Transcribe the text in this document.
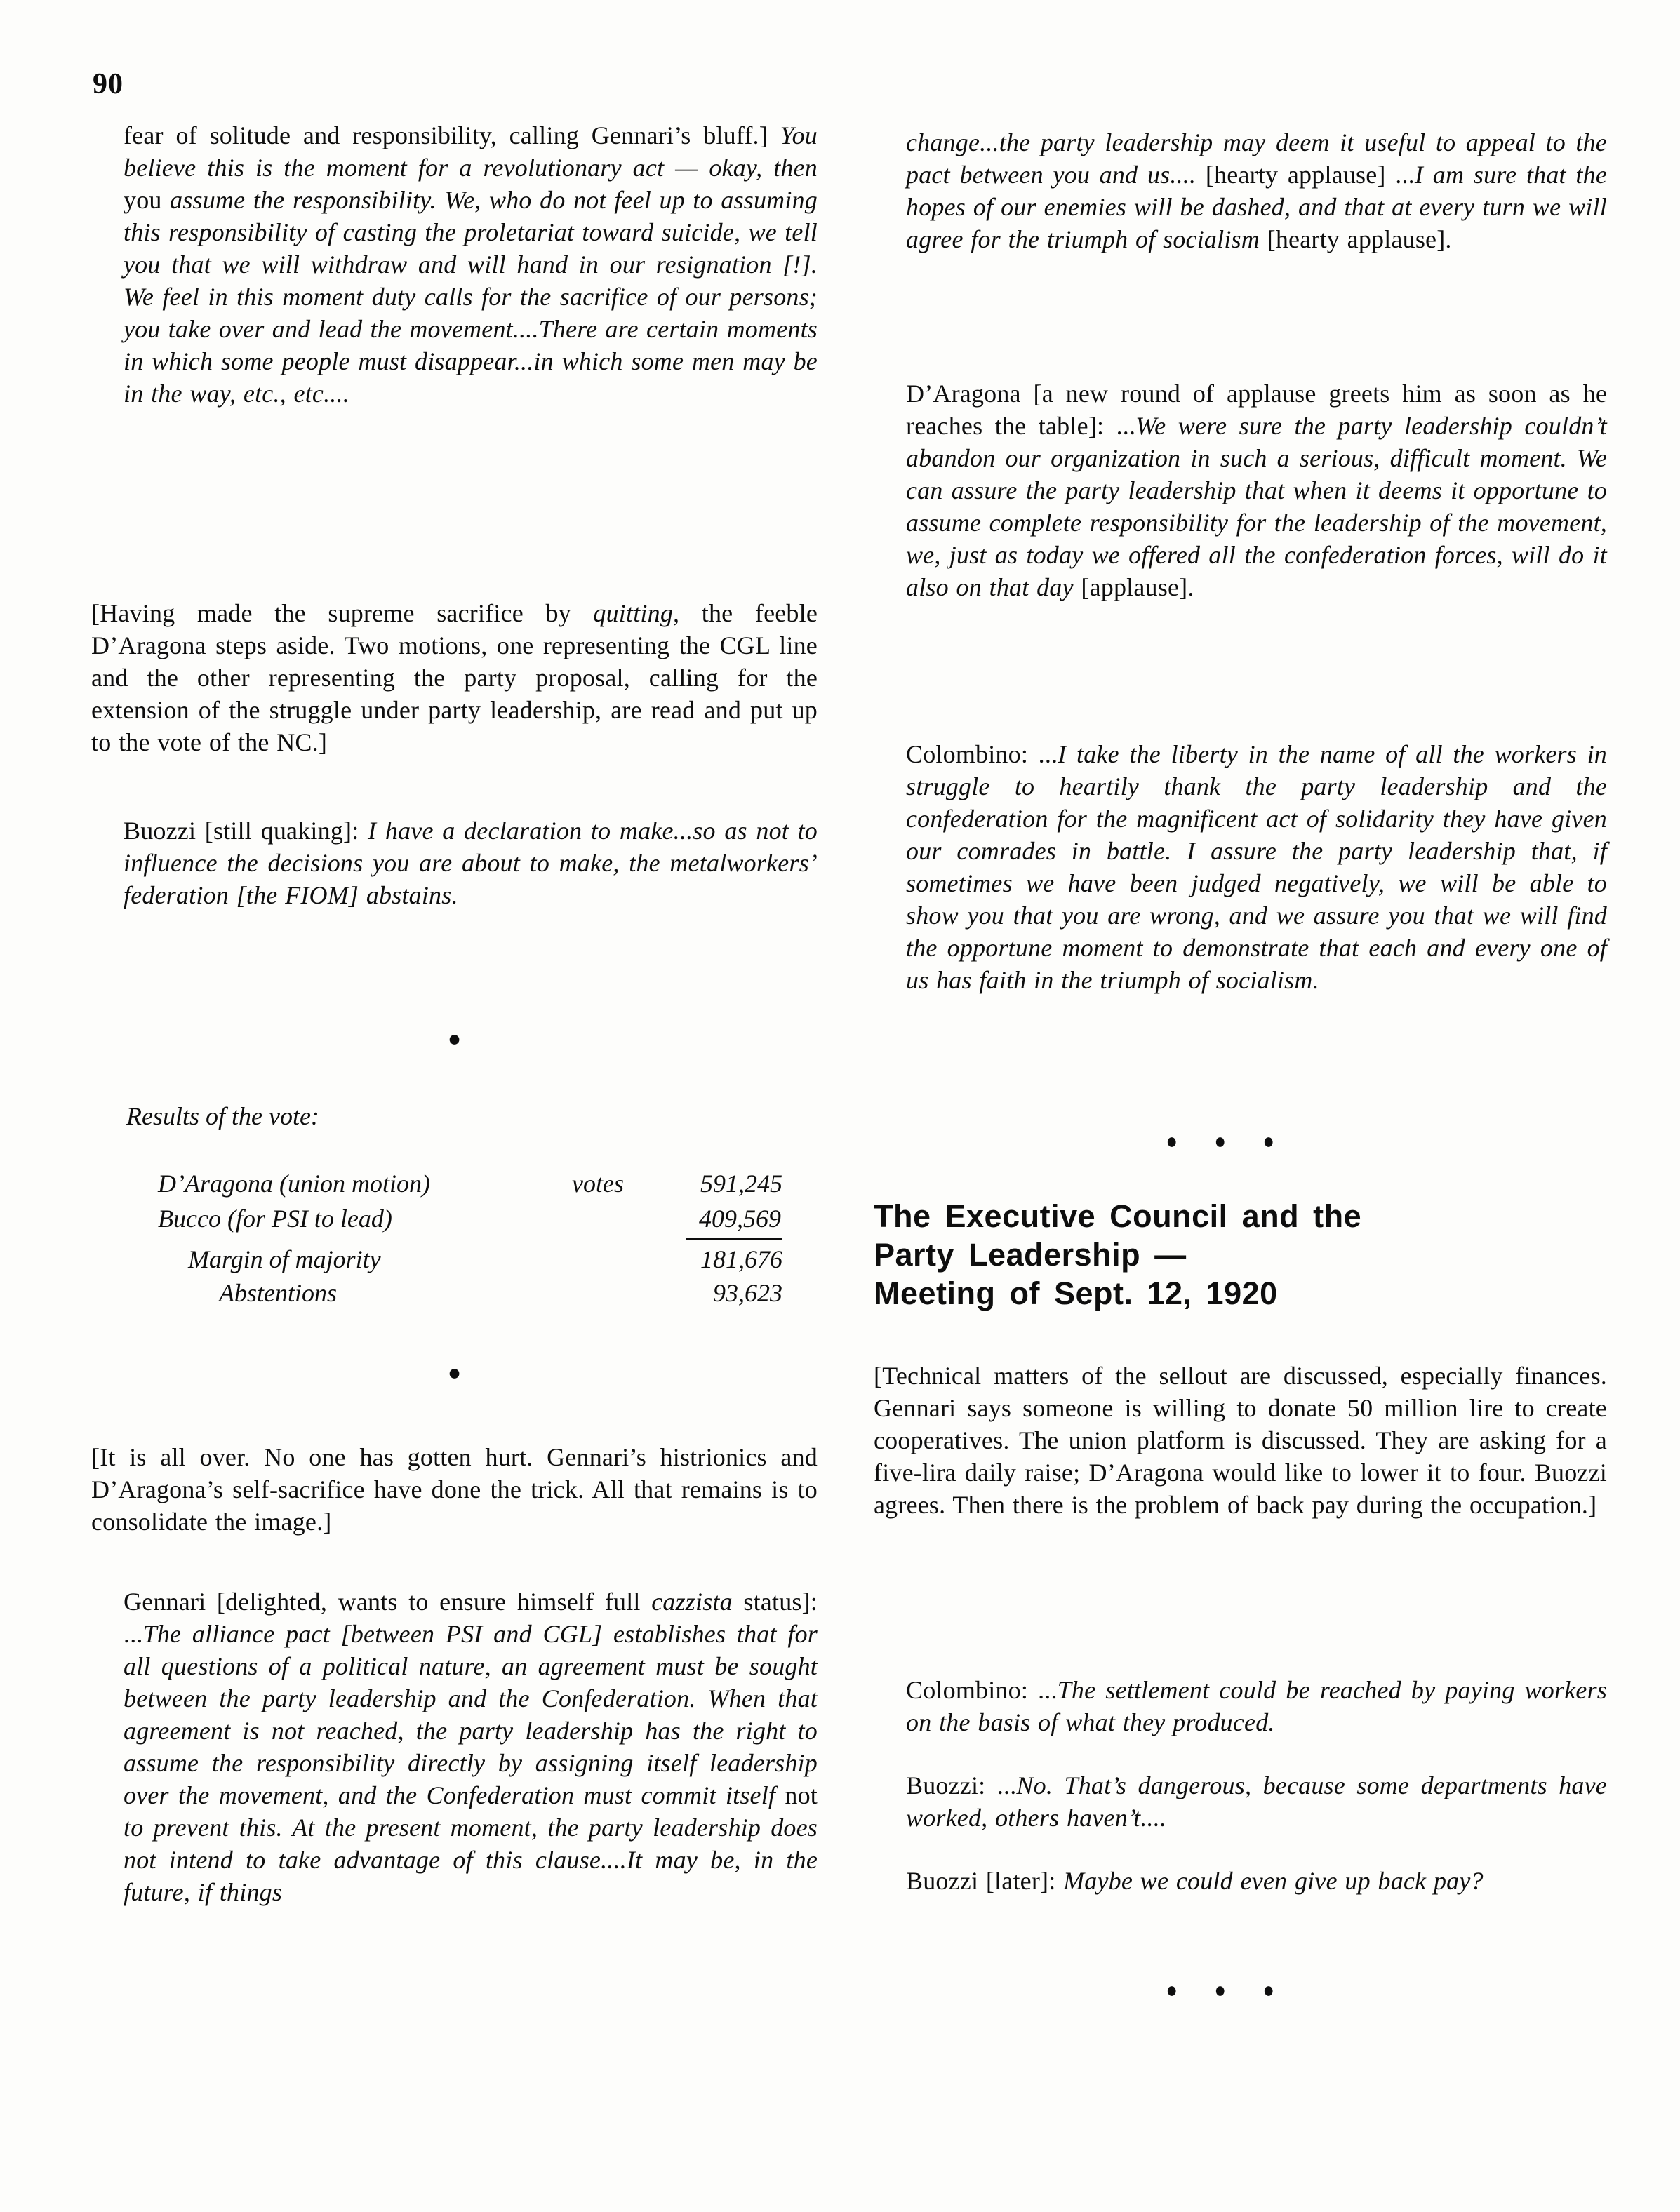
90

fear of solitude and responsibility, calling Gennari’s bluff.] You believe this is the moment for a revolutionary act — okay, then you assume the responsibility. We, who do not feel up to assuming this responsibility of casting the proletariat toward suicide, we tell you that we will withdraw and will hand in our resignation [!]. We feel in this moment duty calls for the sacrifice of our persons; you take over and lead the movement....There are certain moments in which some people must disappear...in which some men may be in the way, etc., etc....

[Having made the supreme sacrifice by quitting, the feeble D’Aragona steps aside. Two motions, one representing the CGL line and the other representing the party proposal, calling for the extension of the struggle under party leadership, are read and put up to the vote of the NC.]

Buozzi [still quaking]: I have a declaration to make...so as not to influence the decisions you are about to make, the metalworkers’ federation [the FIOM] abstains.

●

Results of the vote:

D’Aragona (union motion)	votes	591,245
Bucco (for PSI to lead)	409,569
Margin of majority	181,676
Abstentions	93,623
●

[It is all over. No one has gotten hurt. Gennari’s histrionics and D’Aragona’s self-sacrifice have done the trick. All that remains is to consolidate the image.]

Gennari [delighted, wants to ensure himself full cazzista status]: ...The alliance pact [between PSI and CGL] establishes that for all questions of a political nature, an agreement must be sought between the party leadership and the Confederation. When that agreement is not reached, the party leadership has the right to assume the responsibility directly by assigning itself leadership over the movement, and the Confederation must commit itself not to prevent this. At the present moment, the party leadership does not intend to take advantage of this clause....It may be, in the future, if things

change...the party leadership may deem it useful to appeal to the pact between you and us.... [hearty applause] ...I am sure that the hopes of our enemies will be dashed, and that at every turn we will agree for the triumph of socialism [hearty applause].

D’Aragona [a new round of applause greets him as soon as he reaches the table]: ...We were sure the party leadership couldn’t abandon our organization in such a serious, difficult moment. We can assure the party leadership that when it deems it opportune to assume complete responsibility for the leadership of the movement, we, just as today we offered all the confederation forces, will do it also on that day [applause].

Colombino: ...I take the liberty in the name of all the workers in struggle to heartily thank the party leadership and the confederation for the magnificent act of solidarity they have given our comrades in battle. I assure the party leadership that, if sometimes we have been judged negatively, we will be able to show you that you are wrong, and we assure you that we will find the opportune moment to demonstrate that each and every one of us has faith in the triumph of socialism.

● ● ●
The Executive Council and the
Party Leadership —
Meeting of Sept. 12, 1920

[Technical matters of the sellout are discussed, especially finances. Gennari says someone is willing to donate 50 million lire to create cooperatives. The union platform is discussed. They are asking for a five-lira daily raise; D’Aragona would like to lower it to four. Buozzi agrees. Then there is the problem of back pay during the occupation.]

Colombino: ...The settlement could be reached by paying workers on the basis of what they produced.

Buozzi: ...No. That’s dangerous, because some departments have worked, others haven’t....

Buozzi [later]: Maybe we could even give up back pay?

● ● ●
